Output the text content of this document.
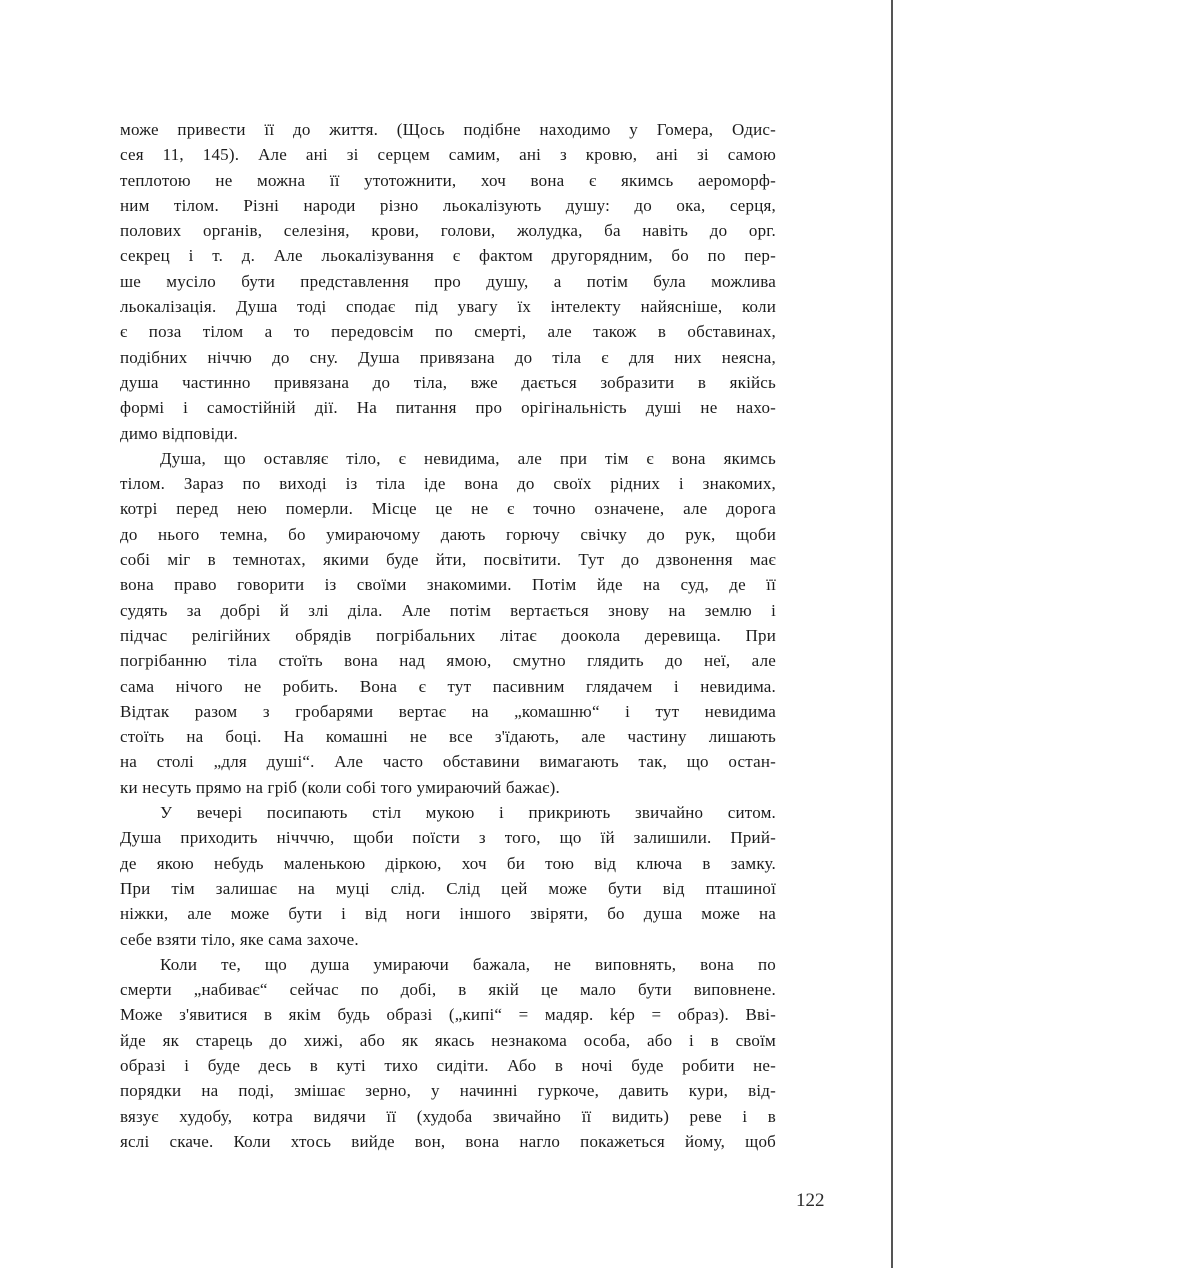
може привести її до життя. (Щось подібне находимо у Гомера, Одис-
сея 11, 145). Але ані зі серцем самим, ані з кровю, ані зі самою
теплотою не можна її утотожнити, хоч вона є якимсь аероморф-
ним тілом. Різні народи різно льокалізують душу: до ока, серця,
полових органів, селезіня, крови, голови, жолудка, ба навіть до орг.
секрец і т. д. Але льокалізування є фактом другорядним, бо по пер-
ше мусіло бути представлення про душу, а потім була можлива
льокалізація. Душа тоді сподає під увагу їх інтелекту найясніше, коли
є поза тілом а то передовсім по смерті, але також в обставинах,
подібних ніччю до сну. Душа привязана до тіла є для них неясна,
душа частинно привязана до тіла, вже дається зобразити в якійсь
формі і самостійній дії. На питання про орігінальність душі не нахо-
димо відповіди.
Душа, що оставляє тіло, є невидима, але при тім є вона якимсь
тілом. Зараз по виході із тіла іде вона до своїх рідних і знакомих,
котрі перед нею померли. Місце це не є точно означене, але дорога
до нього темна, бо умираючому дають горючу свічку до рук, щоби
собі міг в темнотах, якими буде йти, посвітити. Тут до дзвонення має
вона право говорити із своїми знакомими. Потім йде на суд, де її
судять за добрі й злі діла. Але потім вертається знову на землю і
підчас релігійних обрядів погрібальних літає доокола деревища. При
погрібанню тіла стоїть вона над ямою, смутно глядить до неї, але
сама нічого не робить. Вона є тут пасивним глядачем і невидима.
Відтак разом з гробарями вертає на „комашню“ і тут невидима
стоїть на боці. На комашні не все з'їдають, але частину лишають
на столі „для душі“. Але часто обставини вимагають так, що остан-
ки несуть прямо на гріб (коли собі того умираючий бажає).
У вечері посипають стіл мукою і прикриють звичайно ситом.
Душа приходить нічччю, щоби поїсти з того, що їй залишили. Прий-
де якою небудь маленькою діркою, хоч би тою від ключа в замку.
При тім залишає на муці слід. Слід цей може бути від пташиної
ніжки, але може бути і від ноги іншого звіряти, бо душа може на
себе взяти тіло, яке сама захоче.
Коли те, що душа умираючи бажала, не виповнять, вона по
смерти „набиває“ сейчас по добі, в якій це мало бути виповнене.
Може з'явитися в якім будь образі („кипі“ = мадяр. kép = образ). Вві-
йде як старець до хижі, або як якась незнакома особа, або і в своїм
образі і буде десь в куті тихо сидіти. Або в ночі буде робити не-
порядки на поді, змішає зерно, у начинні гуркоче, давить кури, від-
вязує худобу, котра видячи її (худоба звичайно її видить) реве і в
яслі скаче. Коли хтось вийде вон, вона нагло покажеться йому, щоб
122
